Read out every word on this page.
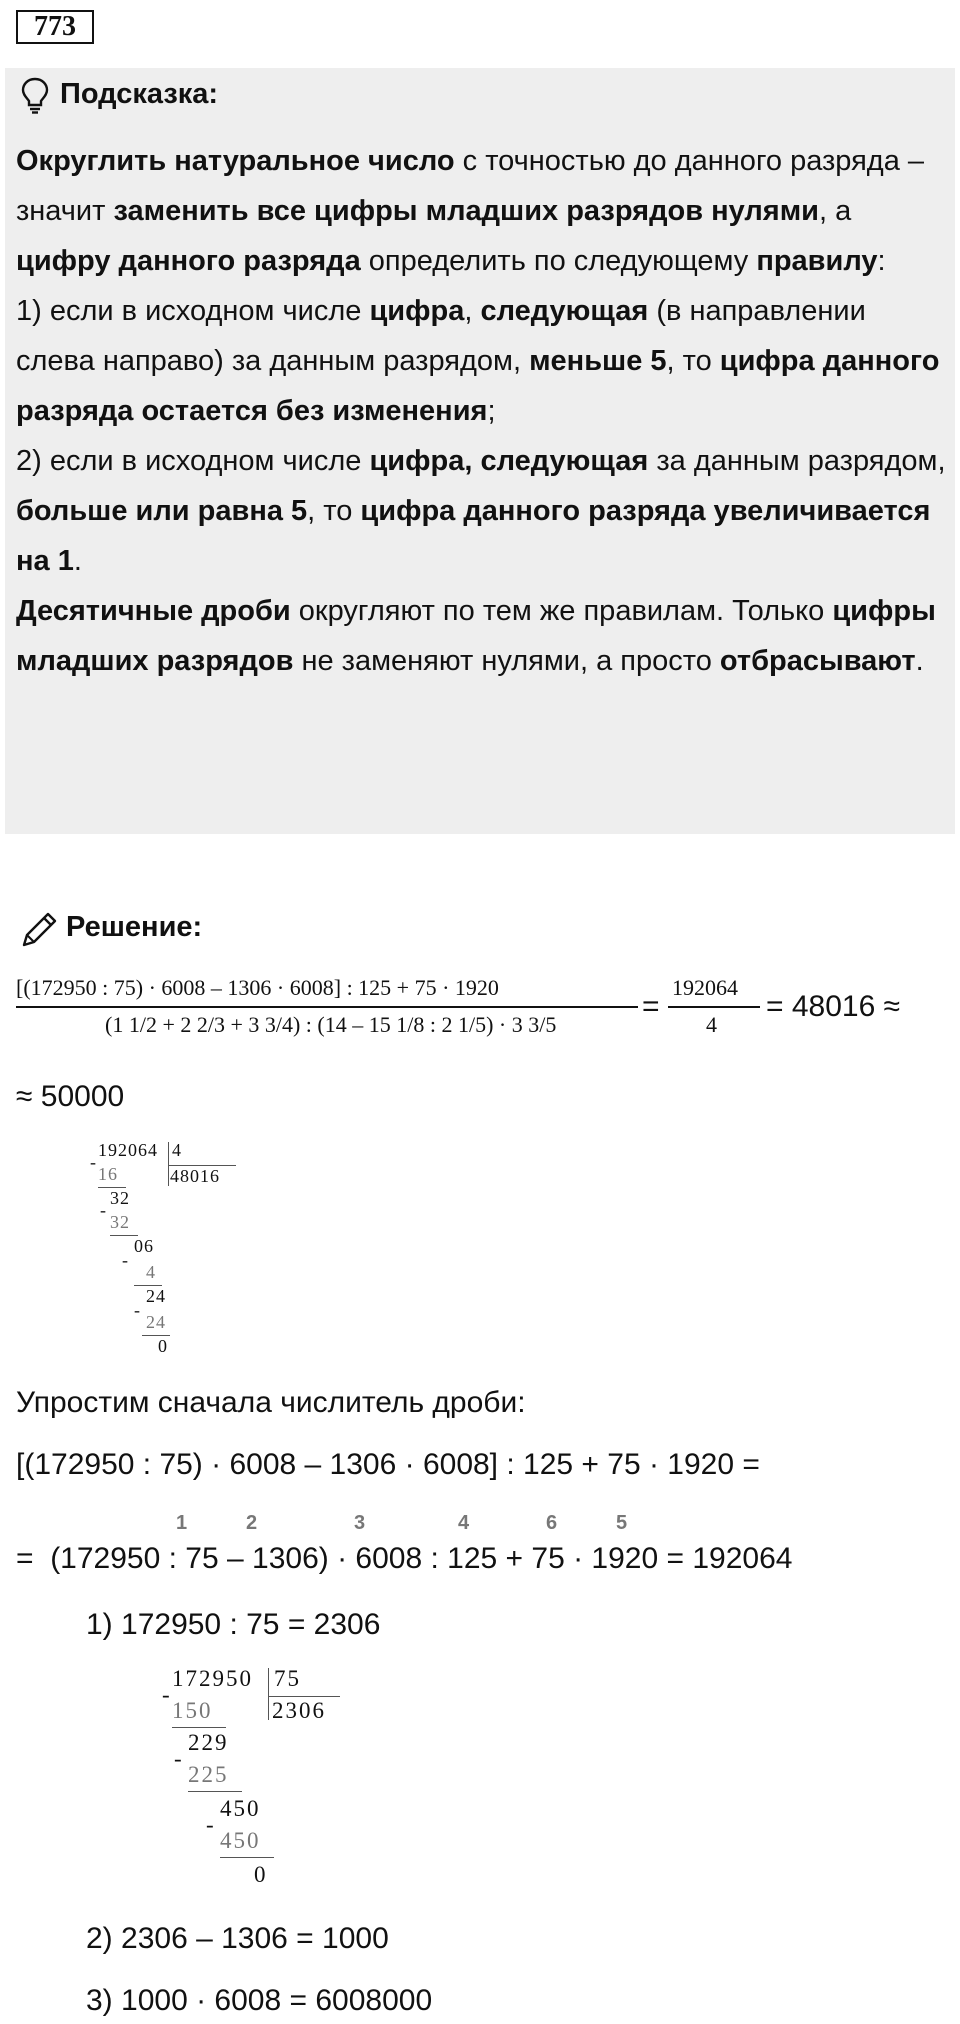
773
Подсказка:
Округлить натуральное число с точностью до данного разряда – значит заменить все цифры младших разрядов нулями, а цифру данного разряда определить по следующему правилу:
1) если в исходном числе цифра, следующая (в направлении слева направо) за данным разрядом, меньше 5, то цифра данного разряда остается без изменения;
2) если в исходном числе цифра, следующая за данным разрядом, больше или равна 5, то цифра данного разряда увеличивается на 1.
Десятичные дроби округляют по тем же правилам. Только цифры младших разрядов не заменяют нулями, а просто отбрасывают.
Решение:
[(172950 : 75) · 6008 – 1306 · 6008] : 125 + 75 · 1920
(1 1/2 + 2 2/3 + 3 3/4) : (14 – 15 1/8 : 2 1/5) · 3 3/5
=
192064
4
= 48016 ≈
≈ 50000
192064 4
48016
-
16
32
-
32
06
-
4
24
-
24
0
Упростим сначала числитель дроби:
[(172950 : 75) · 6008 – 1306 · 6008] : 125 + 75 · 1920 =
1	2	3	4	6	5
=  (172950 : 75 – 1306) · 6008 : 125 + 75 · 1920 = 192064
1) 172950 : 75 = 2306
172950 75
2306
-
150
229
-
225
450
-
450
0
2) 2306 – 1306 = 1000
3) 1000 · 6008 = 6008000
